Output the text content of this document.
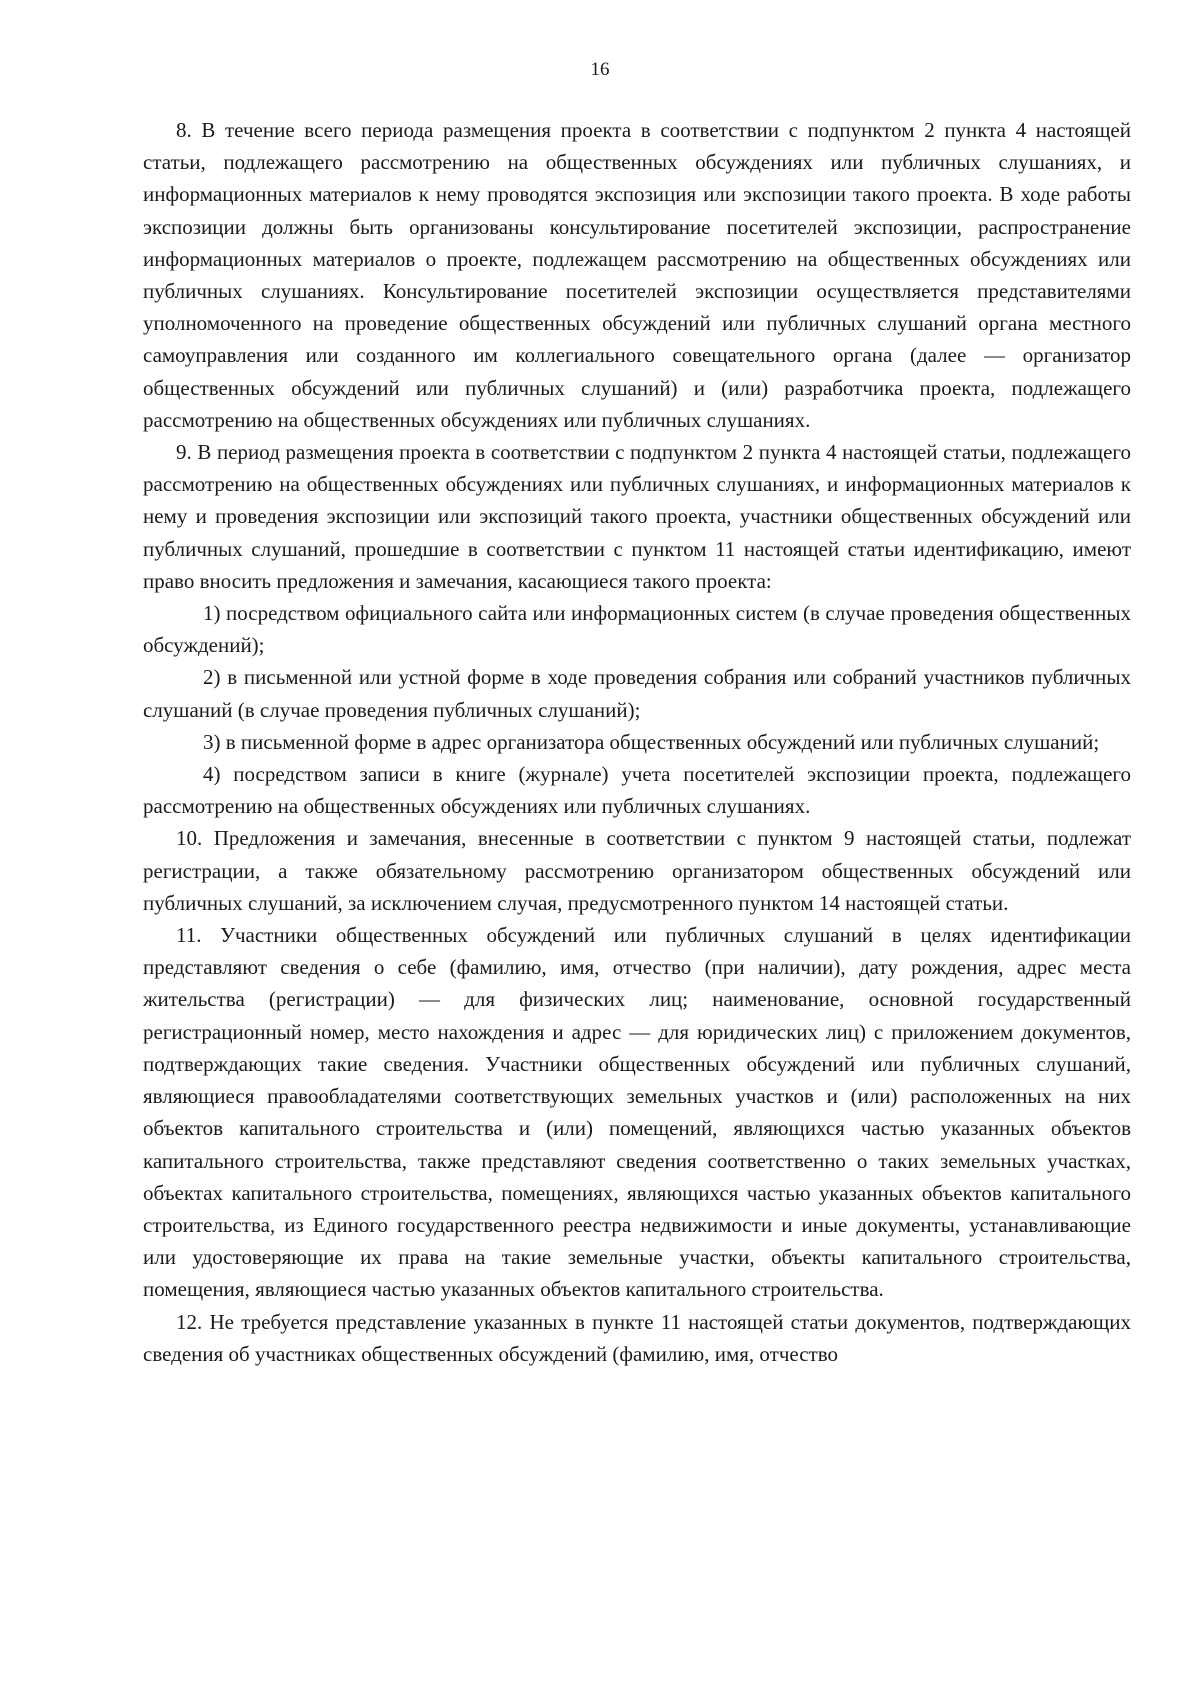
16

8. В течение всего периода размещения проекта в соответствии с подпунктом 2 пункта 4 настоящей статьи, подлежащего рассмотрению на общественных обсуждениях или публичных слушаниях, и информационных материалов к нему проводятся экспозиция или экспозиции такого проекта. В ходе работы экспозиции должны быть организованы консультирование посетителей экспозиции, распространение информационных материалов о проекте, подлежащем рассмотрению на общественных обсуждениях или публичных слушаниях. Консультирование посетителей экспозиции осуществляется представителями уполномоченного на проведение общественных обсуждений или публичных слушаний органа местного самоуправления или созданного им коллегиального совещательного органа (далее — организатор общественных обсуждений или публичных слушаний) и (или) разработчика проекта, подлежащего рассмотрению на общественных обсуждениях или публичных слушаниях.

9. В период размещения проекта в соответствии с подпунктом 2 пункта 4 настоящей статьи, подлежащего рассмотрению на общественных обсуждениях или публичных слушаниях, и информационных материалов к нему и проведения экспозиции или экспозиций такого проекта, участники общественных обсуждений или публичных слушаний, прошедшие в соответствии с пунктом 11 настоящей статьи идентификацию, имеют право вносить предложения и замечания, касающиеся такого проекта:

1) посредством официального сайта или информационных систем (в случае проведения общественных обсуждений);

2) в письменной или устной форме в ходе проведения собрания или собраний участников публичных слушаний (в случае проведения публичных слушаний);

3) в письменной форме в адрес организатора общественных обсуждений или публичных слушаний;

4) посредством записи в книге (журнале) учета посетителей экспозиции проекта, подлежащего рассмотрению на общественных обсуждениях или публичных слушаниях.

10. Предложения и замечания, внесенные в соответствии с пунктом 9 настоящей статьи, подлежат регистрации, а также обязательному рассмотрению организатором общественных обсуждений или публичных слушаний, за исключением случая, предусмотренного пунктом 14 настоящей статьи.

11. Участники общественных обсуждений или публичных слушаний в целях идентификации представляют сведения о себе (фамилию, имя, отчество (при наличии), дату рождения, адрес места жительства (регистрации) — для физических лиц; наименование, основной государственный регистрационный номер, место нахождения и адрес — для юридических лиц) с приложением документов, подтверждающих такие сведения. Участники общественных обсуждений или публичных слушаний, являющиеся правообладателями соответствующих земельных участков и (или) расположенных на них объектов капитального строительства и (или) помещений, являющихся частью указанных объектов капитального строительства, также представляют сведения соответственно о таких земельных участках, объектах капитального строительства, помещениях, являющихся частью указанных объектов капитального строительства, из Единого государственного реестра недвижимости и иные документы, устанавливающие или удостоверяющие их права на такие земельные участки, объекты капитального строительства, помещения, являющиеся частью указанных объектов капитального строительства.

12. Не требуется представление указанных в пункте 11 настоящей статьи документов, подтверждающих сведения об участниках общественных обсуждений (фамилию, имя, отчество
